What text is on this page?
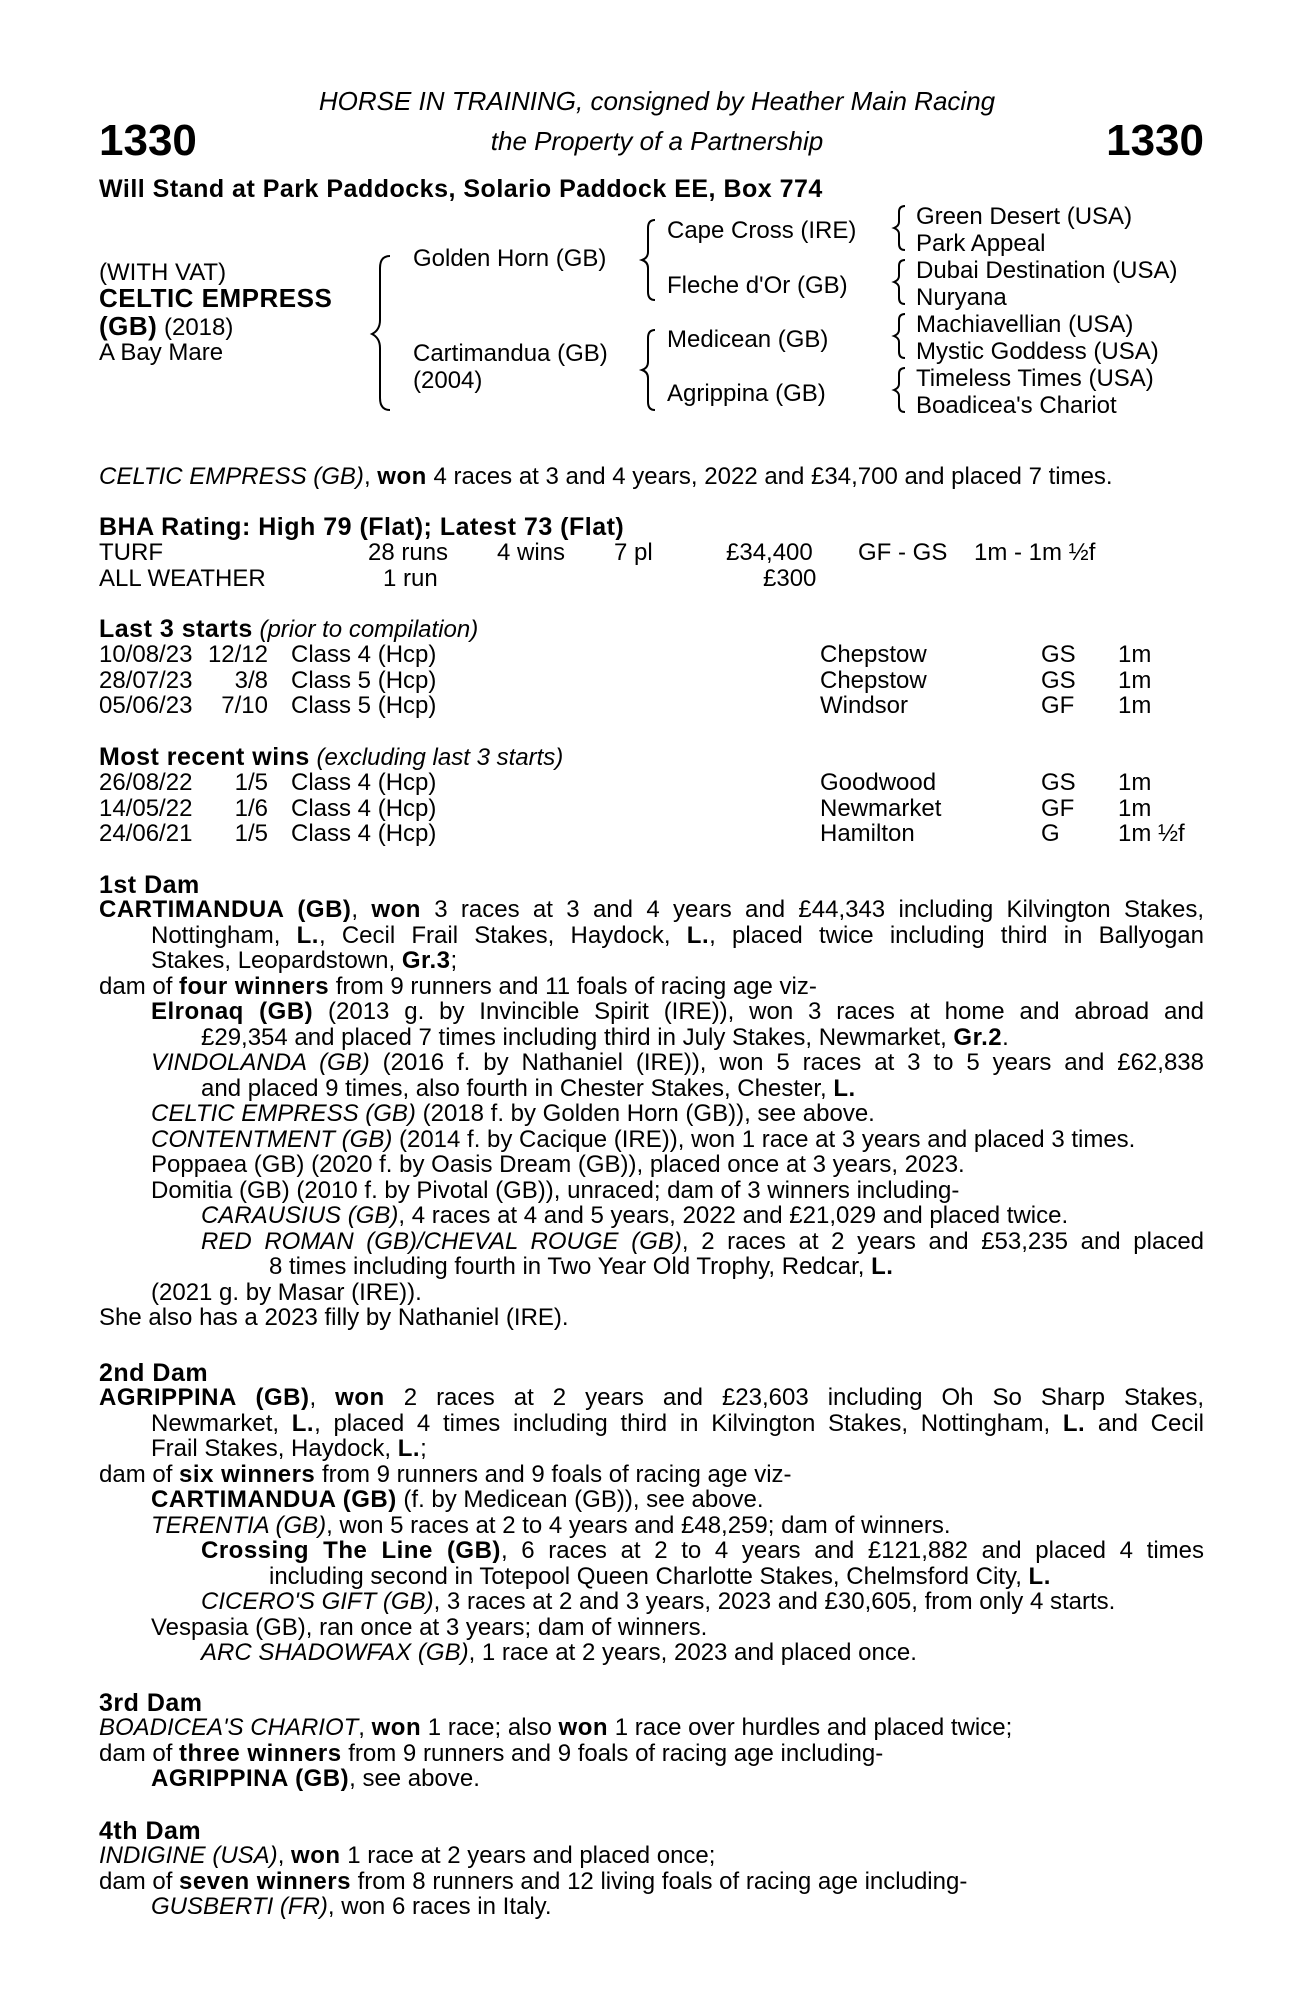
1330	1330
HORSE IN TRAINING, consigned by Heather Main Racing
the Property of a Partnership
Will Stand at Park Paddocks, Solario Paddock EE, Box 774
(WITH VAT)
CELTIC EMPRESS
(GB) (2018)
A Bay Mare
Golden Horn (GB)
Cartimandua (GB)
(2004)
Cape Cross (IRE)
Fleche d'Or (GB)
Medicean (GB)
Agrippina (GB)
Green Desert (USA)
Park Appeal
Dubai Destination (USA)
Nuryana
Machiavellian (USA)
Mystic Goddess (USA)
Timeless Times (USA)
Boadicea's Chariot
CELTIC EMPRESS (GB), won 4 races at 3 and 4 years, 2022 and £34,700 and placed 7 times.
BHA Rating: High 79 (Flat); Latest 73 (Flat)
TURF	28 runs 4 wins 7 pl	£34,400 GF - GS 1m - 1m ½f
ALL WEATHER	1 run	£300
Last 3 starts (prior to compilation)
10/08/23 12/12 Class 4 (Hcp)	Chepstow	GS 1m
28/07/23 3/8 Class 5 (Hcp)	Chepstow	GS 1m
05/06/23 7/10 Class 5 (Hcp)	Windsor	GF 1m
Most recent wins (excluding last 3 starts)
26/08/22 1/5 Class 4 (Hcp)	Goodwood	GS 1m
14/05/22 1/6 Class 4 (Hcp)	Newmarket	GF 1m
24/06/21 1/5 Class 4 (Hcp)	Hamilton	G 1m ½f
1st Dam
CARTIMANDUA (GB), won 3 races at 3 and 4 years and £44,343 including Kilvington Stakes,
Nottingham, L., Cecil Frail Stakes, Haydock, L., placed twice including third in Ballyogan
Stakes, Leopardstown, Gr.3;
dam of four winners from 9 runners and 11 foals of racing age viz-
Elronaq (GB) (2013 g. by Invincible Spirit (IRE)), won 3 races at home and abroad and
£29,354 and placed 7 times including third in July Stakes, Newmarket, Gr.2.
VINDOLANDA (GB) (2016 f. by Nathaniel (IRE)), won 5 races at 3 to 5 years and £62,838
and placed 9 times, also fourth in Chester Stakes, Chester, L.
CELTIC EMPRESS (GB) (2018 f. by Golden Horn (GB)), see above.
CONTENTMENT (GB) (2014 f. by Cacique (IRE)), won 1 race at 3 years and placed 3 times.
Poppaea (GB) (2020 f. by Oasis Dream (GB)), placed once at 3 years, 2023.
Domitia (GB) (2010 f. by Pivotal (GB)), unraced; dam of 3 winners including-
CARAUSIUS (GB), 4 races at 4 and 5 years, 2022 and £21,029 and placed twice.
RED ROMAN (GB)/CHEVAL ROUGE (GB), 2 races at 2 years and £53,235 and placed
8 times including fourth in Two Year Old Trophy, Redcar, L.
(2021 g. by Masar (IRE)).
She also has a 2023 filly by Nathaniel (IRE).
2nd Dam
AGRIPPINA (GB), won 2 races at 2 years and £23,603 including Oh So Sharp Stakes,
Newmarket, L., placed 4 times including third in Kilvington Stakes, Nottingham, L. and Cecil
Frail Stakes, Haydock, L.;
dam of six winners from 9 runners and 9 foals of racing age viz-
CARTIMANDUA (GB) (f. by Medicean (GB)), see above.
TERENTIA (GB), won 5 races at 2 to 4 years and £48,259; dam of winners.
Crossing The Line (GB), 6 races at 2 to 4 years and £121,882 and placed 4 times
including second in Totepool Queen Charlotte Stakes, Chelmsford City, L.
CICERO'S GIFT (GB), 3 races at 2 and 3 years, 2023 and £30,605, from only 4 starts.
Vespasia (GB), ran once at 3 years; dam of winners.
ARC SHADOWFAX (GB), 1 race at 2 years, 2023 and placed once.
3rd Dam
BOADICEA'S CHARIOT, won 1 race; also won 1 race over hurdles and placed twice;
dam of three winners from 9 runners and 9 foals of racing age including-
AGRIPPINA (GB), see above.
4th Dam
INDIGINE (USA), won 1 race at 2 years and placed once;
dam of seven winners from 8 runners and 12 living foals of racing age including-
GUSBERTI (FR), won 6 races in Italy.
